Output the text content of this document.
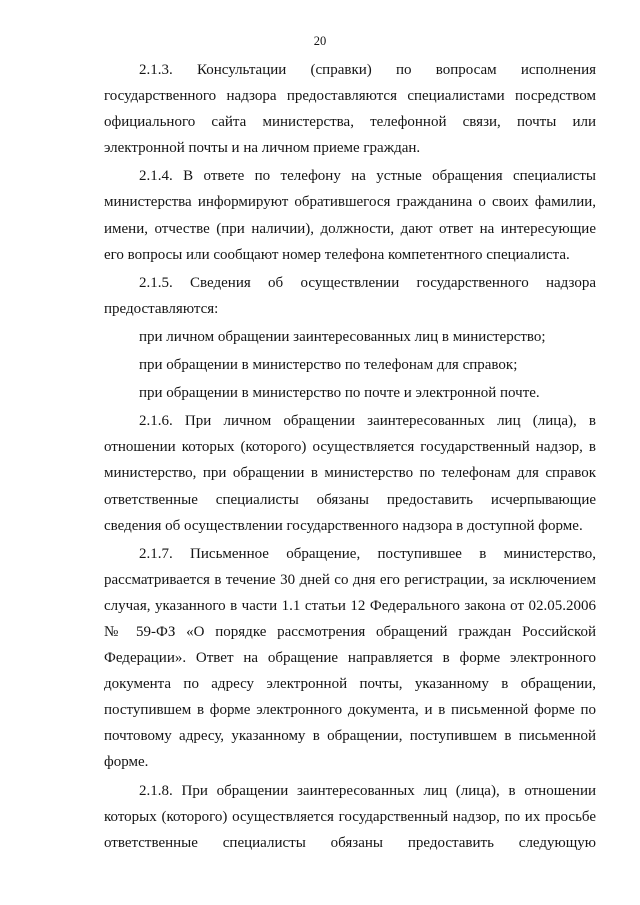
20
2.1.3. Консультации (справки) по вопросам исполнения
государственного надзора предоставляются специалистами посредством
официального сайта министерства, телефонной связи, почты или
электронной почты и на личном приеме граждан.
2.1.4. В ответе по телефону на устные обращения специалисты
министерства информируют обратившегося гражданина о своих фамилии,
имени, отчестве (при наличии), должности, дают ответ на интересующие
его вопросы или сообщают номер телефона компетентного специалиста.
2.1.5. Сведения об осуществлении государственного надзора
предоставляются:
при личном обращении заинтересованных лиц в министерство;
при обращении в министерство по телефонам для справок;
при обращении в министерство по почте и электронной почте.
2.1.6. При личном обращении заинтересованных лиц (лица), в
отношении которых (которого) осуществляется государственный надзор, в
министерство, при обращении в министерство по телефонам для справок
ответственные специалисты обязаны предоставить исчерпывающие
сведения об осуществлении государственного надзора в доступной форме.
2.1.7. Письменное обращение, поступившее в министерство,
рассматривается в течение 30 дней со дня его регистрации, за исключением
случая, указанного в части 1.1 статьи 12 Федерального закона от 02.05.2006
№ 59-ФЗ «О порядке рассмотрения обращений граждан Российской
Федерации». Ответ на обращение направляется в форме электронного
документа по адресу электронной почты, указанному в обращении,
поступившем в форме электронного документа, и в письменной форме по
почтовому адресу, указанному в обращении, поступившем в письменной
форме.
2.1.8. При обращении заинтересованных лиц (лица), в отношении
которых (которого) осуществляется государственный надзор, по их просьбе
ответственные специалисты обязаны предоставить следующую
